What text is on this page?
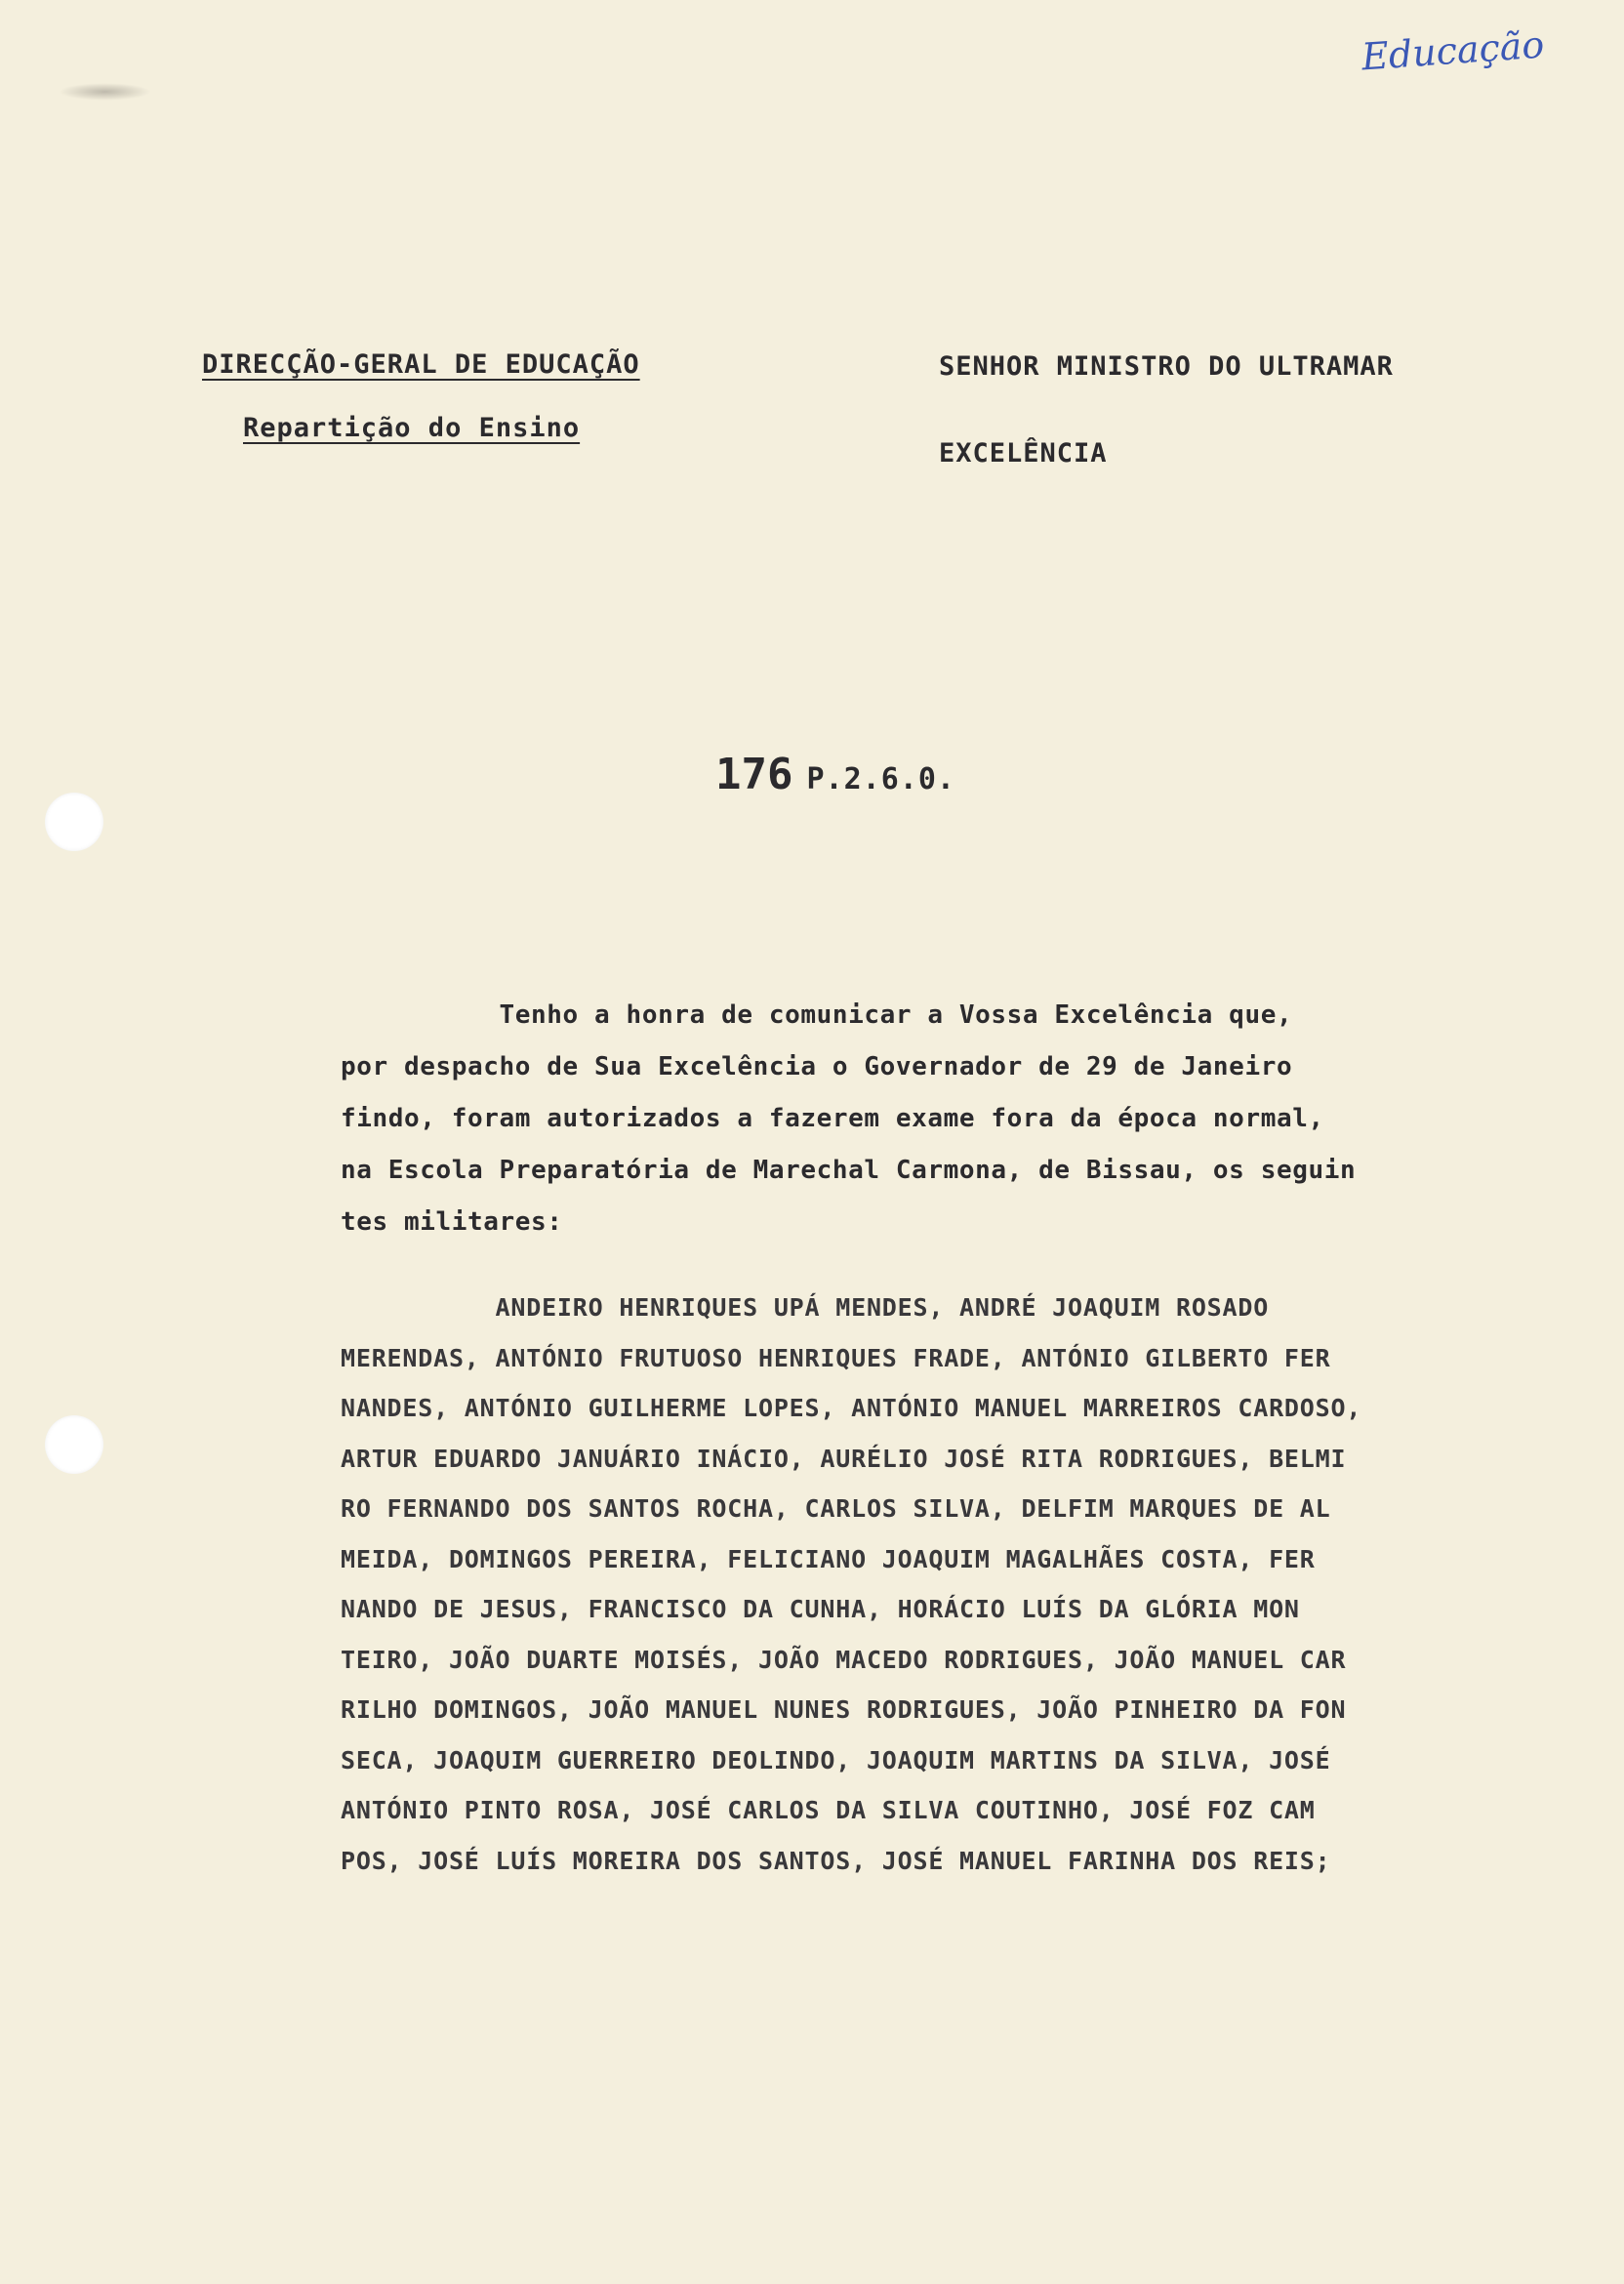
Educação
DIRECÇÃO-GERAL DE EDUCAÇÃO
Repartição do Ensino
SENHOR MINISTRO DO ULTRAMAR
EXCELÊNCIA
176 P.2.6.0.
Tenho a honra de comunicar a Vossa Excelência que,
por despacho de Sua Excelência o Governador de 29 de Janeiro
findo, foram autorizados a fazerem exame fora da época normal,
na Escola Preparatória de Marechal Carmona, de Bissau, os seguin
tes militares:
ANDEIRO HENRIQUES UPÁ MENDES, ANDRÉ JOAQUIM ROSADO
MERENDAS, ANTÓNIO FRUTUOSO HENRIQUES FRADE, ANTÓNIO GILBERTO FER
NANDES, ANTÓNIO GUILHERME LOPES, ANTÓNIO MANUEL MARREIROS CARDOSO,
ARTUR EDUARDO JANUÁRIO INÁCIO, AURÉLIO JOSÉ RITA RODRIGUES, BELMI
RO FERNANDO DOS SANTOS ROCHA, CARLOS SILVA, DELFIM MARQUES DE AL
MEIDA, DOMINGOS PEREIRA, FELICIANO JOAQUIM MAGALHÃES COSTA, FER
NANDO DE JESUS, FRANCISCO DA CUNHA, HORÁCIO LUÍS DA GLÓRIA MON
TEIRO, JOÃO DUARTE MOISÉS, JOÃO MACEDO RODRIGUES, JOÃO MANUEL CAR
RILHO DOMINGOS, JOÃO MANUEL NUNES RODRIGUES, JOÃO PINHEIRO DA FON
SECA, JOAQUIM GUERREIRO DEOLINDO, JOAQUIM MARTINS DA SILVA, JOSÉ
ANTÓNIO PINTO ROSA, JOSÉ CARLOS DA SILVA COUTINHO, JOSÉ FOZ CAM
POS, JOSÉ LUÍS MOREIRA DOS SANTOS, JOSÉ MANUEL FARINHA DOS REIS;
